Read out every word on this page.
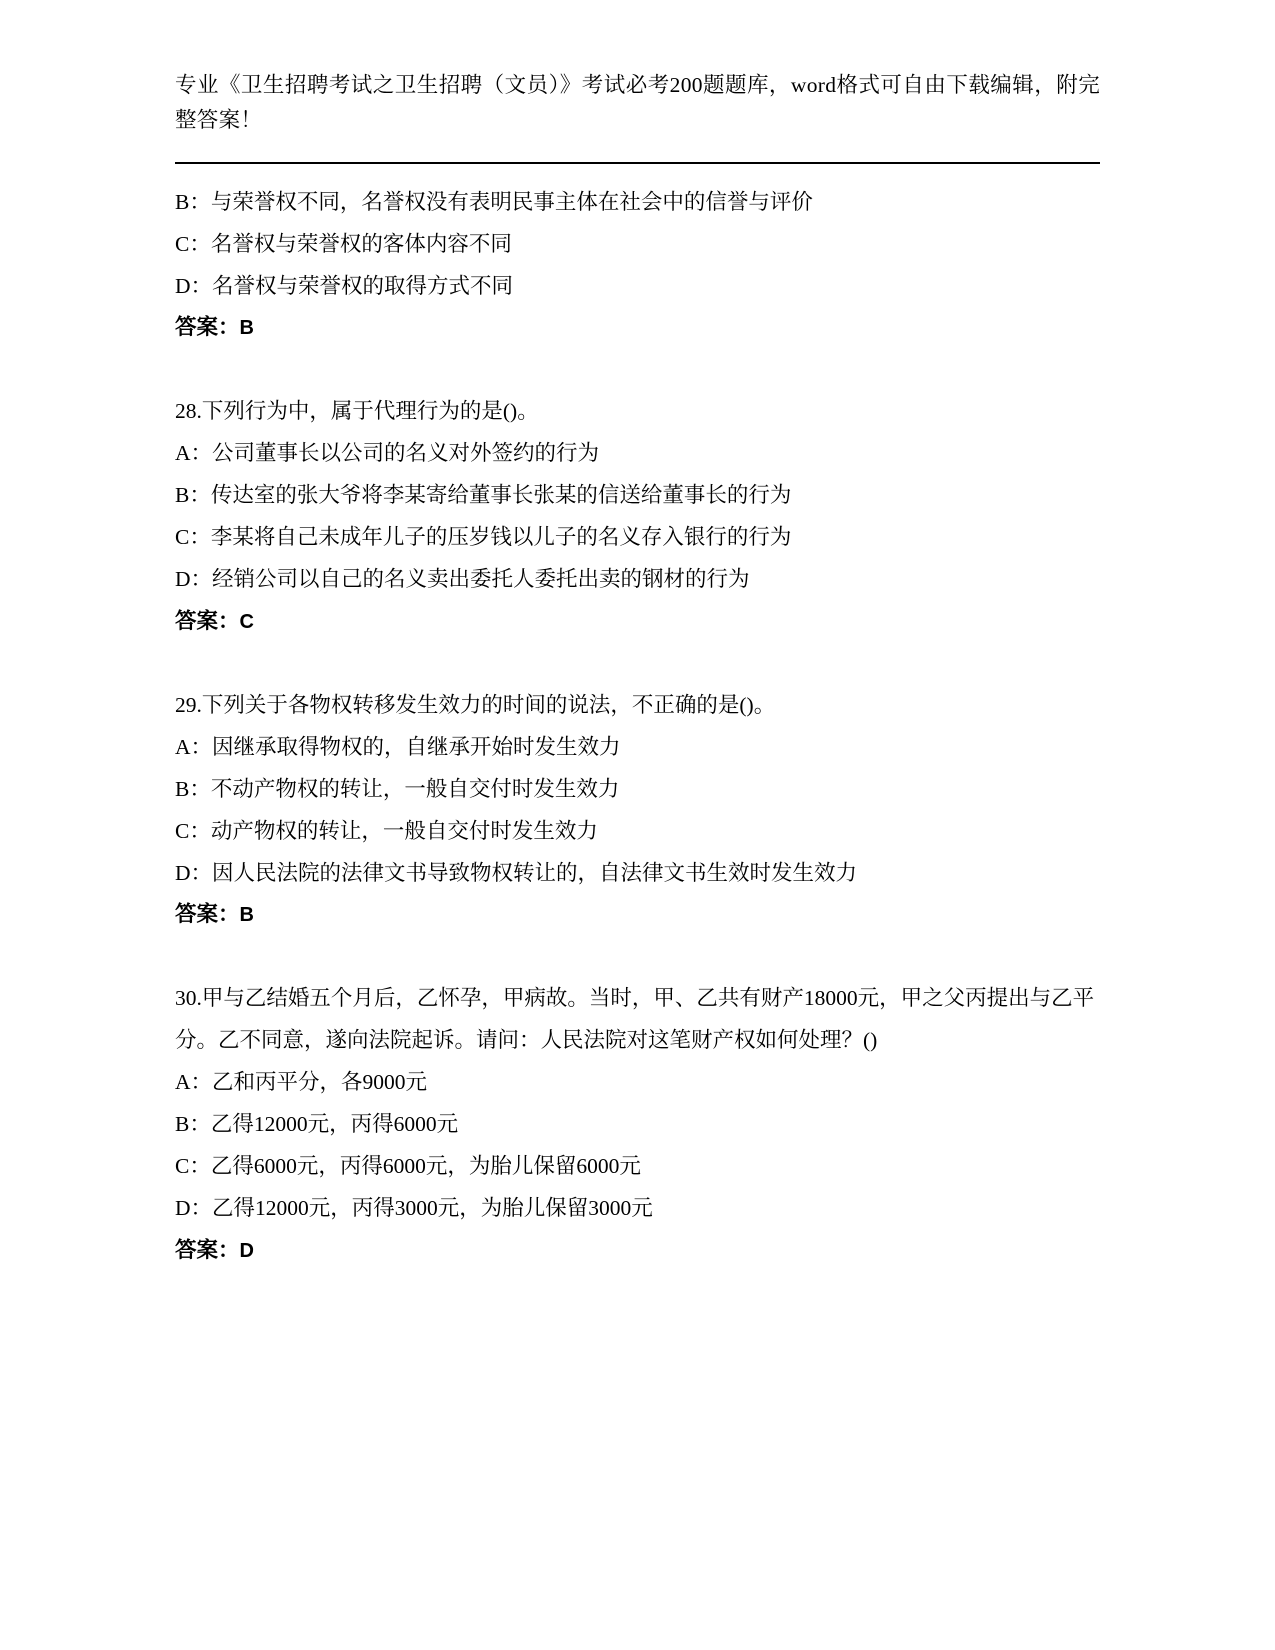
专业《卫生招聘考试之卫生招聘（文员）》考试必考200题题库，word格式可自由下载编辑，附完整答案！
B：与荣誉权不同，名誉权没有表明民事主体在社会中的信誉与评价
C：名誉权与荣誉权的客体内容不同
D：名誉权与荣誉权的取得方式不同
答案：B
28.下列行为中，属于代理行为的是()。
A：公司董事长以公司的名义对外签约的行为
B：传达室的张大爷将李某寄给董事长张某的信送给董事长的行为
C：李某将自己未成年儿子的压岁钱以儿子的名义存入银行的行为
D：经销公司以自己的名义卖出委托人委托出卖的钢材的行为
答案：C
29.下列关于各物权转移发生效力的时间的说法，不正确的是()。
A：因继承取得物权的，自继承开始时发生效力
B：不动产物权的转让，一般自交付时发生效力
C：动产物权的转让，一般自交付时发生效力
D：因人民法院的法律文书导致物权转让的，自法律文书生效时发生效力
答案：B
30.甲与乙结婚五个月后，乙怀孕，甲病故。当时，甲、乙共有财产18000元，甲之父丙提出与乙平分。乙不同意，遂向法院起诉。请问：人民法院对这笔财产权如何处理？()
A：乙和丙平分，各9000元
B：乙得12000元，丙得6000元
C：乙得6000元，丙得6000元，为胎儿保留6000元
D：乙得12000元，丙得3000元，为胎儿保留3000元
答案：D
